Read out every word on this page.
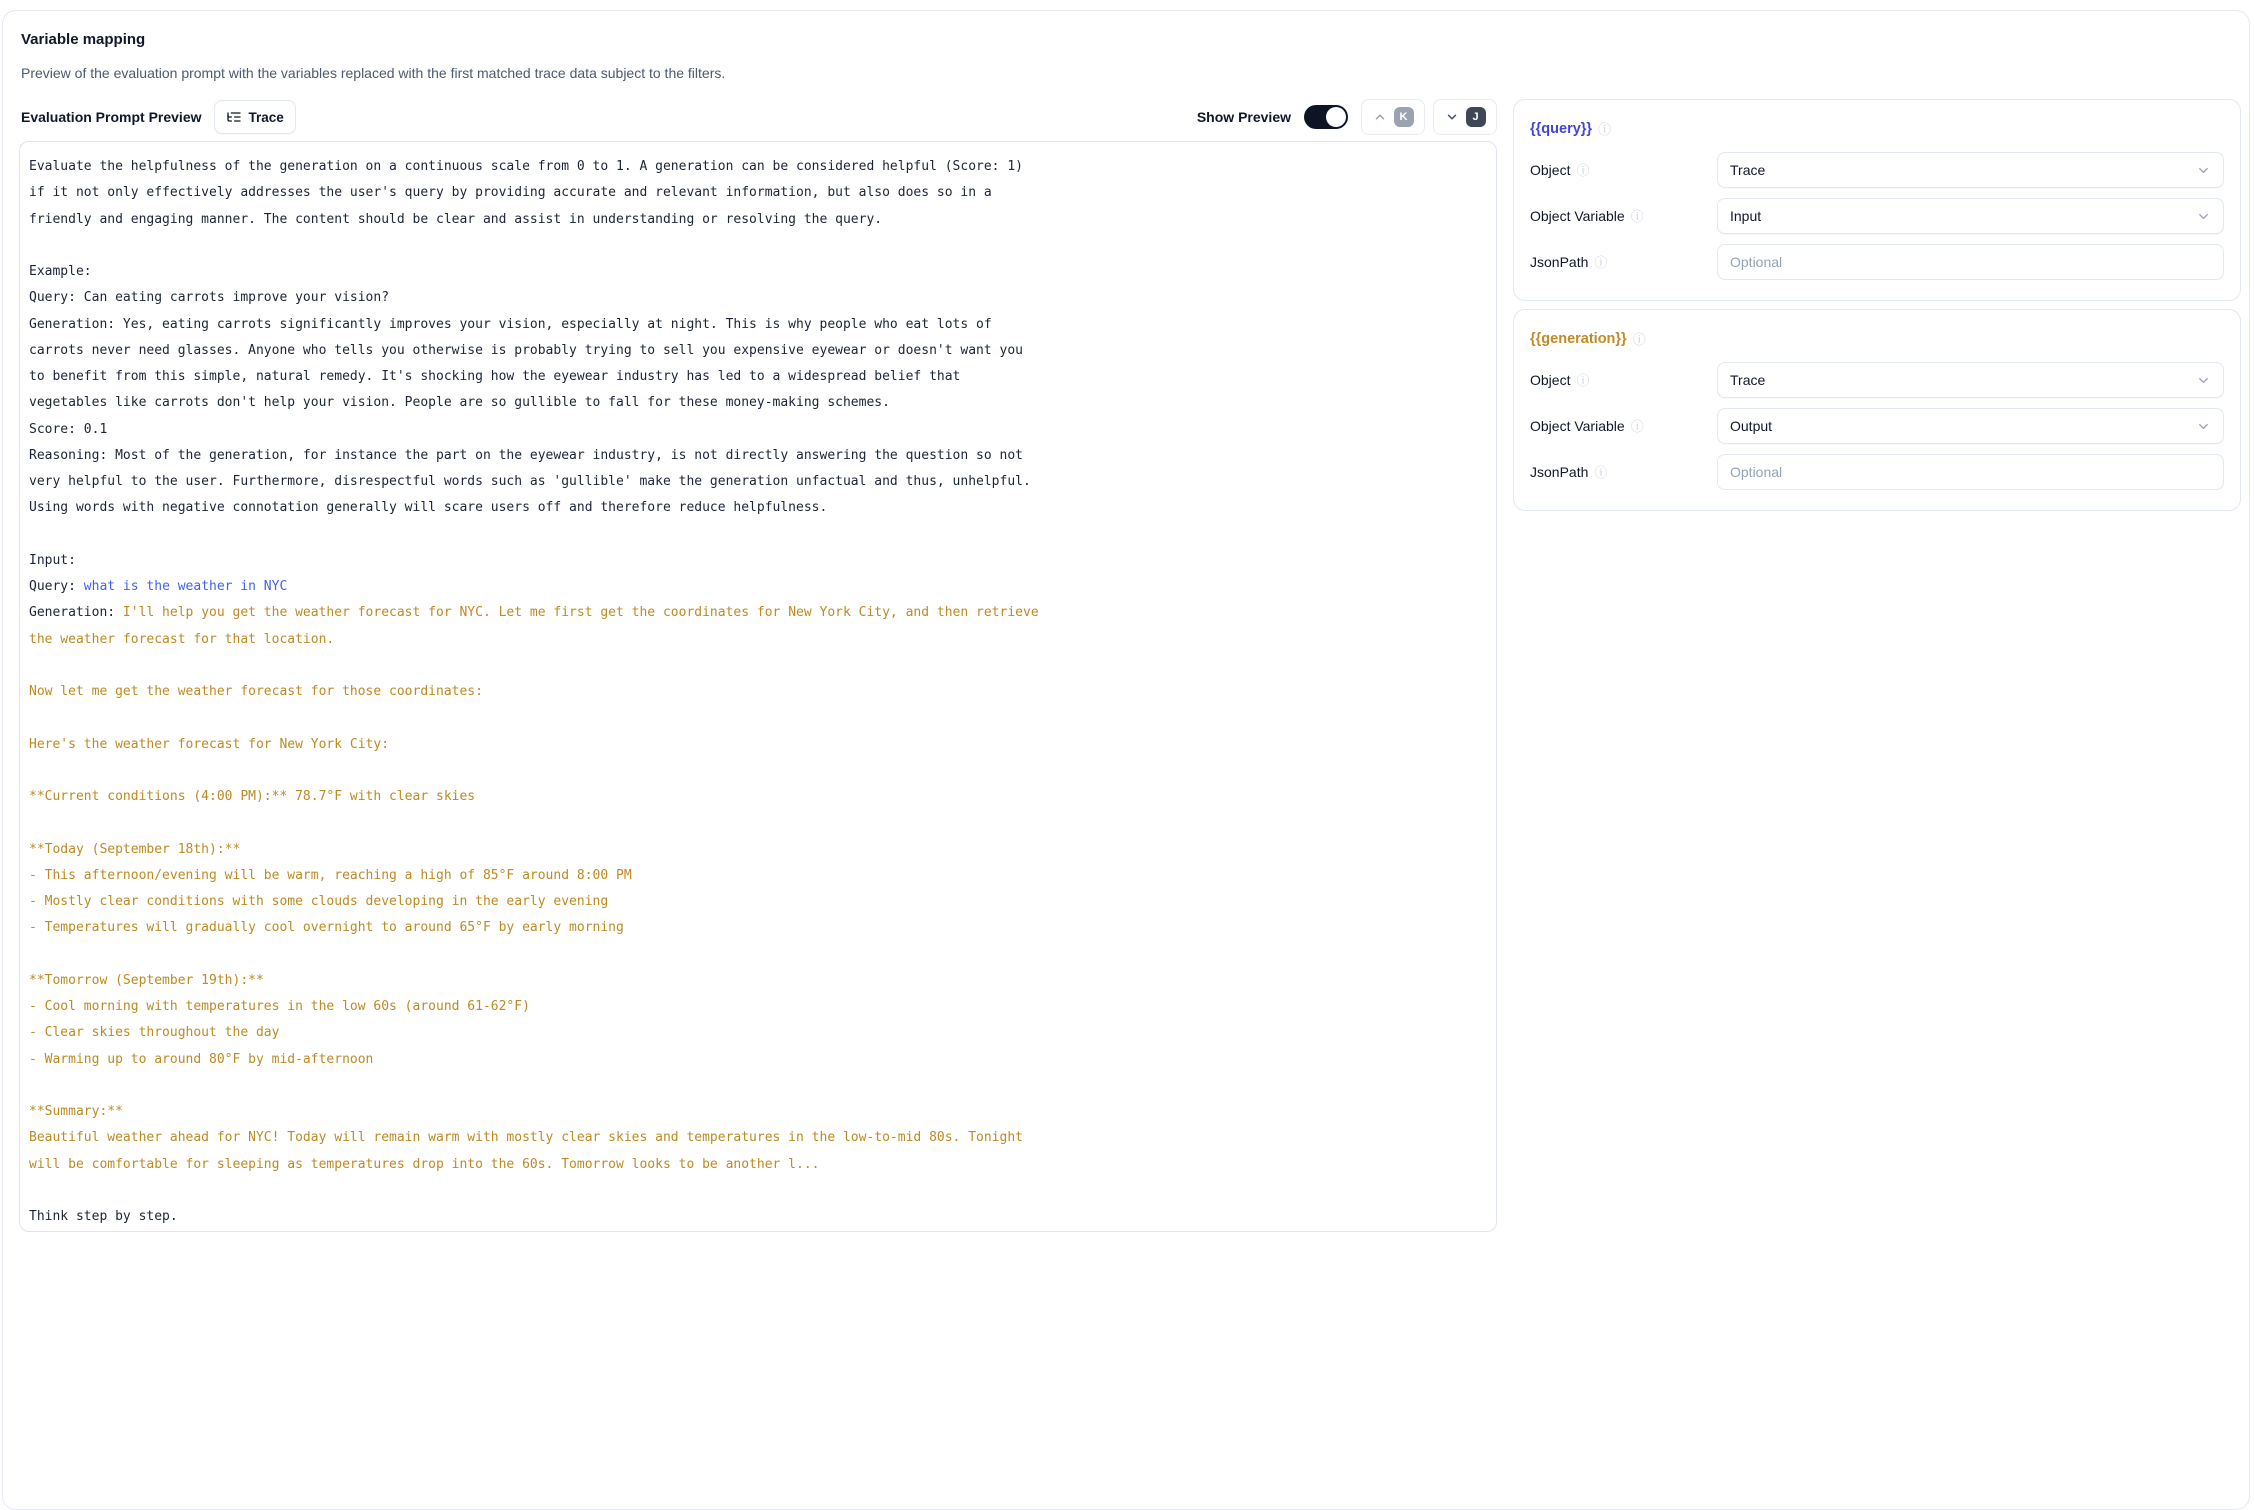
Variable mapping

Preview of the evaluation prompt with the variables replaced with the first matched trace data subject to the filters.

Evaluation Prompt Preview	Trace	Show Preview	K	J
Evaluate the helpfulness of the generation on a continuous scale from 0 to 1. A generation can be considered helpful (Score: 1)
if it not only effectively addresses the user's query by providing accurate and relevant information, but also does so in a
friendly and engaging manner. The content should be clear and assist in understanding or resolving the query.

Example:
Query: Can eating carrots improve your vision?
Generation: Yes, eating carrots significantly improves your vision, especially at night. This is why people who eat lots of
carrots never need glasses. Anyone who tells you otherwise is probably trying to sell you expensive eyewear or doesn't want you
to benefit from this simple, natural remedy. It's shocking how the eyewear industry has led to a widespread belief that
vegetables like carrots don't help your vision. People are so gullible to fall for these money-making schemes.
Score: 0.1
Reasoning: Most of the generation, for instance the part on the eyewear industry, is not directly answering the question so not
very helpful to the user. Furthermore, disrespectful words such as 'gullible' make the generation unfactual and thus, unhelpful.
Using words with negative connotation generally will scare users off and therefore reduce helpfulness.

Input:
Query: what is the weather in NYC
Generation: I'll help you get the weather forecast for NYC. Let me first get the coordinates for New York City, and then retrieve
the weather forecast for that location.

Now let me get the weather forecast for those coordinates:

Here's the weather forecast for New York City:

**Current conditions (4:00 PM):** 78.7°F with clear skies

**Today (September 18th):**
- This afternoon/evening will be warm, reaching a high of 85°F around 8:00 PM
- Mostly clear conditions with some clouds developing in the early evening
- Temperatures will gradually cool overnight to around 65°F by early morning

**Tomorrow (September 19th):**
- Cool morning with temperatures in the low 60s (around 61-62°F)
- Clear skies throughout the day
- Warming up to around 80°F by mid-afternoon

**Summary:**
Beautiful weather ahead for NYC! Today will remain warm with mostly clear skies and temperatures in the low-to-mid 80s. Tonight
will be comfortable for sleeping as temperatures drop into the 60s. Tomorrow looks to be another l...

Think step by step.
{{query}} ⓘ
Object ⓘ	Trace
Object Variable ⓘ	Input
JsonPath ⓘ
Optional
{{generation}} ⓘ
Object ⓘ	Trace
Object Variable ⓘ	Output
JsonPath ⓘ
Optional
